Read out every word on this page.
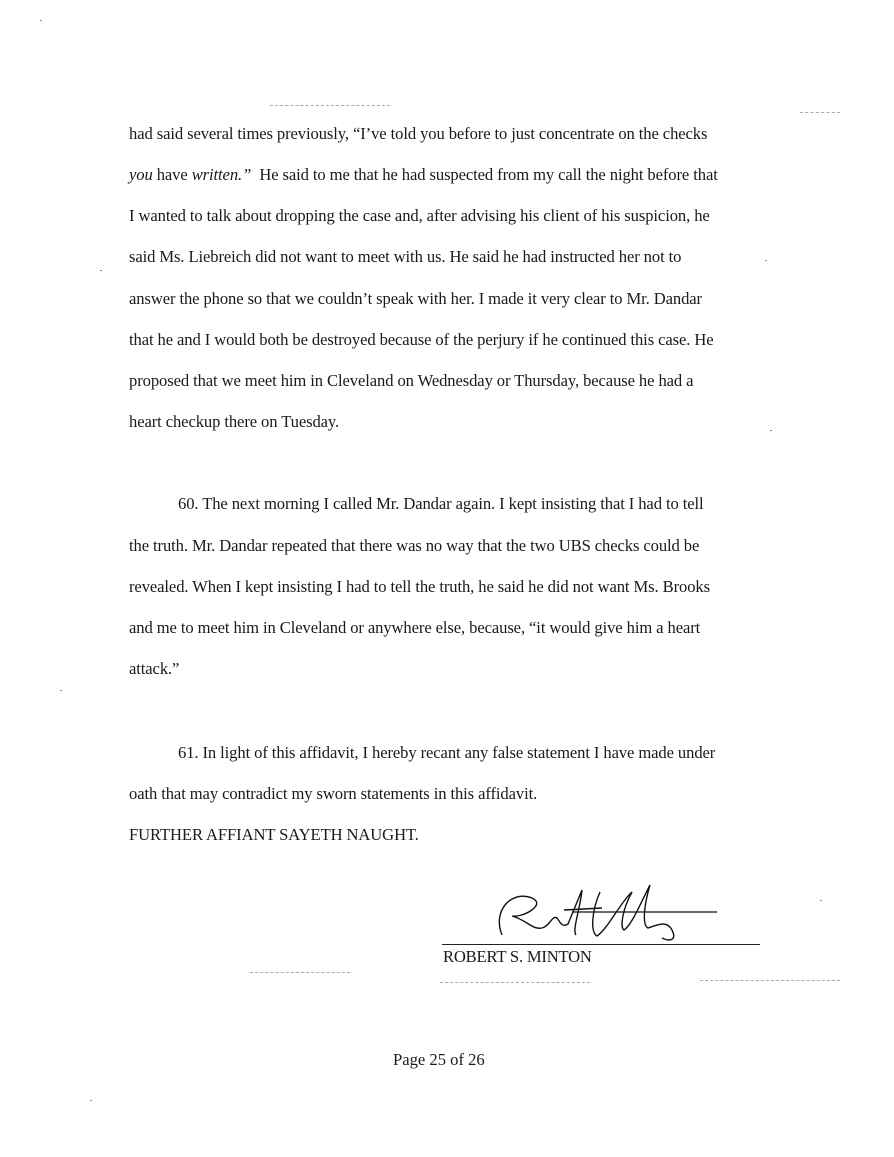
had said several times previously, “I’ve told you before to just concentrate on the checks
you have written.” He said to me that he had suspected from my call the night before that
I wanted to talk about dropping the case and, after advising his client of his suspicion, he
said Ms. Liebreich did not want to meet with us. He said he had instructed her not to
answer the phone so that we couldn’t speak with her. I made it very clear to Mr. Dandar
that he and I would both be destroyed because of the perjury if he continued this case. He
proposed that we meet him in Cleveland on Wednesday or Thursday, because he had a
heart checkup there on Tuesday.
60. The next morning I called Mr. Dandar again. I kept insisting that I had to tell
the truth. Mr. Dandar repeated that there was no way that the two UBS checks could be
revealed. When I kept insisting I had to tell the truth, he said he did not want Ms. Brooks
and me to meet him in Cleveland or anywhere else, because, “it would give him a heart
attack.”
61. In light of this affidavit, I hereby recant any false statement I have made under
oath that may contradict my sworn statements in this affidavit.
FURTHER AFFIANT SAYETH NAUGHT.
ROBERT S. MINTON
Page 25 of 26
